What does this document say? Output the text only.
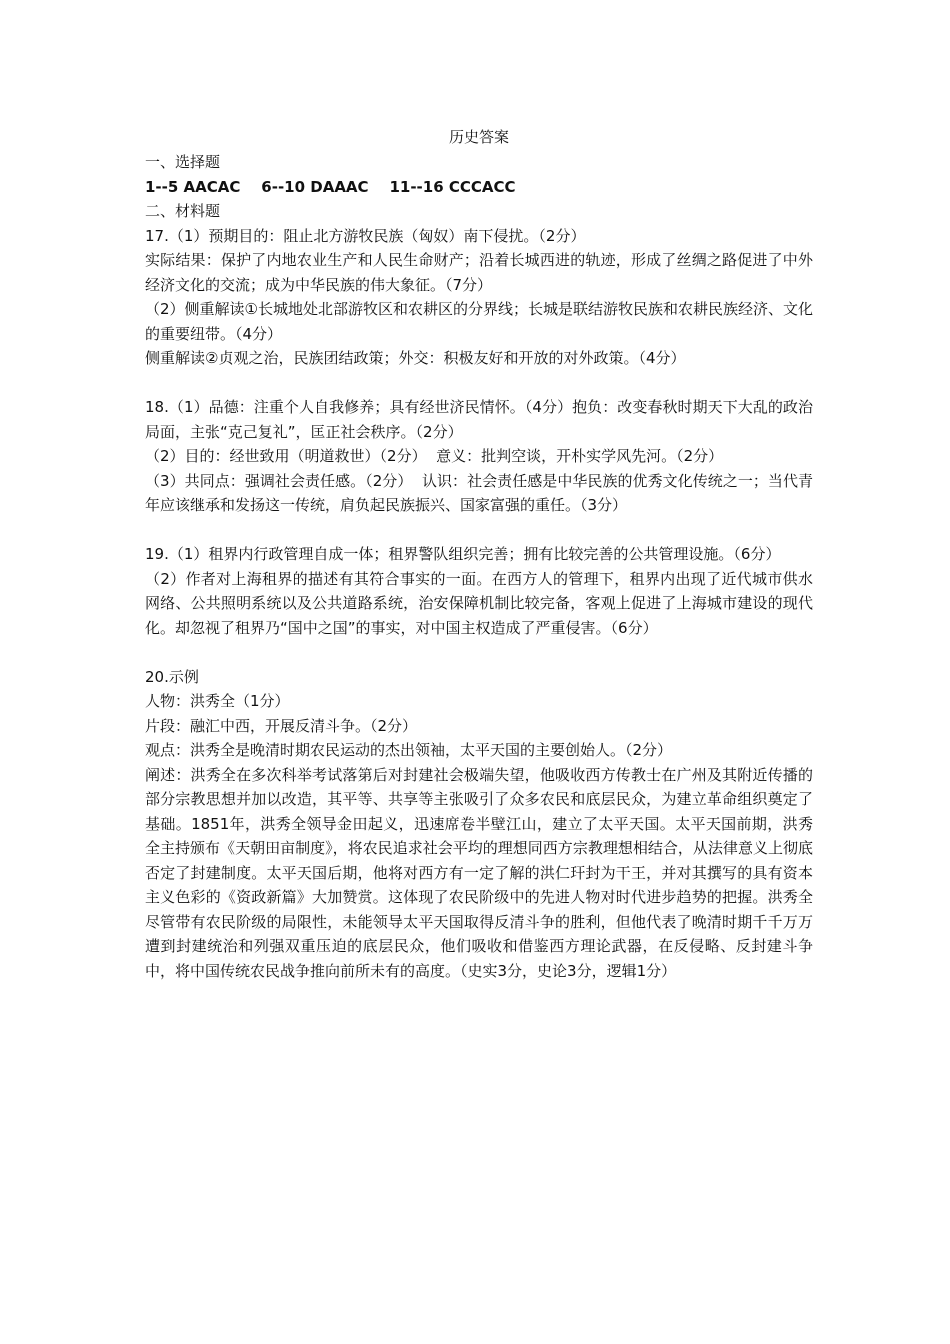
历史答案

一、选择题

1--5 AACAC    6--10 DAAAC    11--16 CCCACC

二、材料题

17.（1）预期目的：阻止北方游牧民族（匈奴）南下侵扰。（2分）

实际结果：保护了内地农业生产和人民生命财产；沿着长城西进的轨迹，形成了丝绸之路促进了中外经济文化的交流；成为中华民族的伟大象征。（7分）

（2）侧重解读①长城地处北部游牧区和农耕区的分界线；长城是联结游牧民族和农耕民族经济、文化的重要纽带。（4分）

侧重解读②贞观之治，民族团结政策；外交：积极友好和开放的对外政策。（4分）

18.（1）品德：注重个人自我修养；具有经世济民情怀。（4分）抱负：改变春秋时期天下大乱的政治局面，主张“克己复礼”，匡正社会秩序。（2分）

（2）目的：经世致用（明道救世）（2分）  意义：批判空谈，开朴实学风先河。（2分）

（3）共同点：强调社会责任感。（2分）  认识：社会责任感是中华民族的优秀文化传统之一；当代青年应该继承和发扬这一传统，肩负起民族振兴、国家富强的重任。（3分）

19.（1）租界内行政管理自成一体；租界警队组织完善；拥有比较完善的公共管理设施。（6分）

（2）作者对上海租界的描述有其符合事实的一面。在西方人的管理下，租界内出现了近代城市供水网络、公共照明系统以及公共道路系统，治安保障机制比较完备，客观上促进了上海城市建设的现代化。却忽视了租界乃“国中之国”的事实，对中国主权造成了严重侵害。（6分）

20.示例

人物：洪秀全（1分）

片段：融汇中西，开展反清斗争。（2分）

观点：洪秀全是晚清时期农民运动的杰出领袖，太平天国的主要创始人。（2分）

阐述：洪秀全在多次科举考试落第后对封建社会极端失望，他吸收西方传教士在广州及其附近传播的部分宗教思想并加以改造，其平等、共享等主张吸引了众多农民和底层民众，为建立革命组织奠定了基础。1851年，洪秀全领导金田起义，迅速席卷半壁江山，建立了太平天国。太平天国前期，洪秀全主持颁布《天朝田亩制度》，将农民追求社会平均的理想同西方宗教理想相结合，从法律意义上彻底否定了封建制度。太平天国后期，他将对西方有一定了解的洪仁玕封为干王，并对其撰写的具有资本主义色彩的《资政新篇》大加赞赏。这体现了农民阶级中的先进人物对时代进步趋势的把握。洪秀全尽管带有农民阶级的局限性，未能领导太平天国取得反清斗争的胜利，但他代表了晚清时期千千万万遭到封建统治和列强双重压迫的底层民众，他们吸收和借鉴西方理论武器，在反侵略、反封建斗争中，将中国传统农民战争推向前所未有的高度。（史实3分，史论3分，逻辑1分）
